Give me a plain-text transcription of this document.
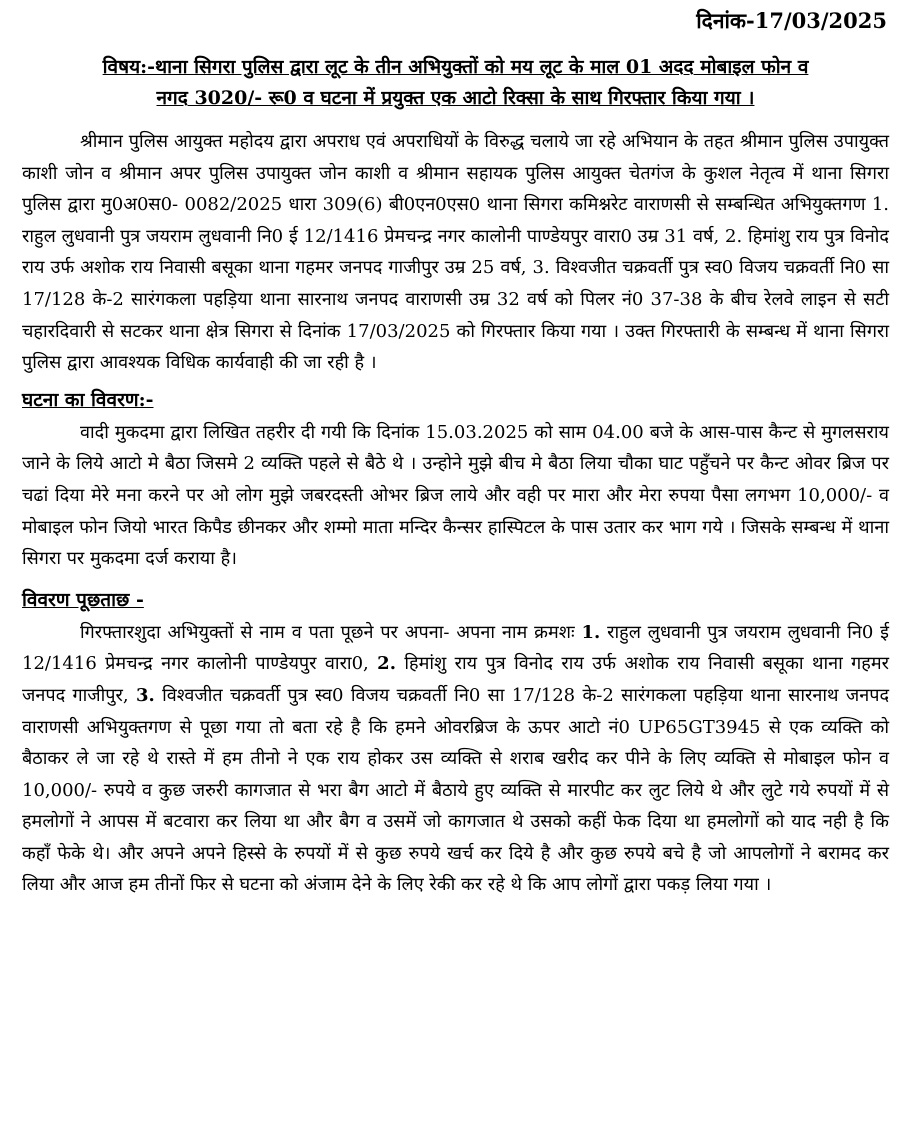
दिनांक-17/03/2025
विषय:-थाना सिगरा पुलिस द्वारा लूट के तीन अभियुक्तों को मय लूट के माल 01 अदद मोबाइल फोन व
नगद 3020/- रू0 व घटना में प्रयुक्त एक आटो रिक्सा के साथ गिरफ्तार किया गया ।

श्रीमान पुलिस आयुक्त महोदय द्वारा अपराध एवं अपराधियों के विरुद्ध चलाये जा रहे अभियान के तहत श्रीमान पुलिस उपायुक्त काशी जोन व श्रीमान अपर पुलिस उपायुक्त जोन काशी व श्रीमान सहायक पुलिस आयुक्त चेतगंज के कुशल नेतृत्व में थाना सिगरा पुलिस द्वारा मु0अ0स0- 0082/2025 धारा 309(6) बी0एन0एस0 थाना सिगरा कमिश्नरेट वाराणसी से सम्बन्धित अभियुक्तगण 1. राहुल लुधवानी पुत्र जयराम लुधवानी नि0 ई 12/1416 प्रेमचन्द्र नगर कालोनी पाण्डेयपुर वारा0 उम्र 31 वर्ष, 2. हिमांशु राय पुत्र विनोद राय उर्फ अशोक राय निवासी बसूका थाना गहमर जनपद गाजीपुर उम्र 25 वर्ष, 3. विश्वजीत चक्रवर्ती पुत्र स्व0 विजय चक्रवर्ती नि0 सा 17/128 के-2 सारंगकला पहड़िया थाना सारनाथ जनपद वाराणसी उम्र 32 वर्ष को पिलर नं0 37-38 के बीच रेलवे लाइन से सटी चहारदिवारी से सटकर थाना क्षेत्र सिगरा से दिनांक 17/03/2025 को गिरफ्तार किया गया । उक्त गिरफ्तारी के सम्बन्ध में थाना सिगरा पुलिस द्वारा आवश्यक विधिक कार्यवाही की जा रही है ।

घटना का विवरण:-

वादी मुकदमा द्वारा लिखित तहरीर दी गयी कि दिनांक 15.03.2025 को साम 04.00 बजे के आस-पास कैन्ट से मुगलसराय जाने के लिये आटो मे बैठा जिसमे 2 व्यक्ति पहले से बैठे थे । उन्होने मुझे बीच मे बैठा लिया चौका घाट पहुँचने पर कैन्ट ओवर ब्रिज पर चढां दिया मेरे मना करने पर ओ लोग मुझे जबरदस्ती ओभर ब्रिज लाये और वही पर मारा और मेरा रुपया पैसा लगभग 10,000/- व मोबाइल फोन जियो भारत किपैड छीनकर और शम्मो माता मन्दिर कैन्सर हास्पिटल के पास उतार कर भाग गये । जिसके सम्बन्ध में थाना सिगरा पर मुकदमा दर्ज कराया है।

विवरण पूछताछ -

गिरफ्तारशुदा अभियुक्तों से नाम व पता पूछने पर अपना- अपना नाम क्रमशः 1. राहुल लुधवानी पुत्र जयराम लुधवानी नि0 ई 12/1416 प्रेमचन्द्र नगर कालोनी पाण्डेयपुर वारा0, 2. हिमांशु राय पुत्र विनोद राय उर्फ अशोक राय निवासी बसूका थाना गहमर जनपद गाजीपुर, 3. विश्वजीत चक्रवर्ती पुत्र स्व0 विजय चक्रवर्ती नि0 सा 17/128 के-2 सारंगकला पहड़िया थाना सारनाथ जनपद वाराणसी अभियुक्तगण से पूछा गया तो बता रहे है कि हमने ओवरब्रिज के ऊपर आटो नं0 UP65GT3945 से एक व्यक्ति को बैठाकर ले जा रहे थे रास्ते में हम तीनो ने एक राय होकर उस व्यक्ति से शराब खरीद कर पीने के लिए व्यक्ति से मोबाइल फोन व 10,000/- रुपये व कुछ जरुरी कागजात से भरा बैग आटो में बैठाये हुए व्यक्ति से मारपीट कर लुट लिये थे और लुटे गये रुपयों में से हमलोगों ने आपस में बटवारा कर लिया था और बैग व उसमें जो कागजात थे उसको कहीं फेक दिया था हमलोगों को याद नही है कि कहाँ फेके थे। और अपने अपने हिस्से के रुपयों में से कुछ रुपये खर्च कर दिये है और कुछ रुपये बचे है जो आपलोगों ने बरामद कर लिया और आज हम तीनों फिर से घटना को अंजाम देने के लिए रेकी कर रहे थे कि आप लोगों द्वारा पकड़ लिया गया ।
